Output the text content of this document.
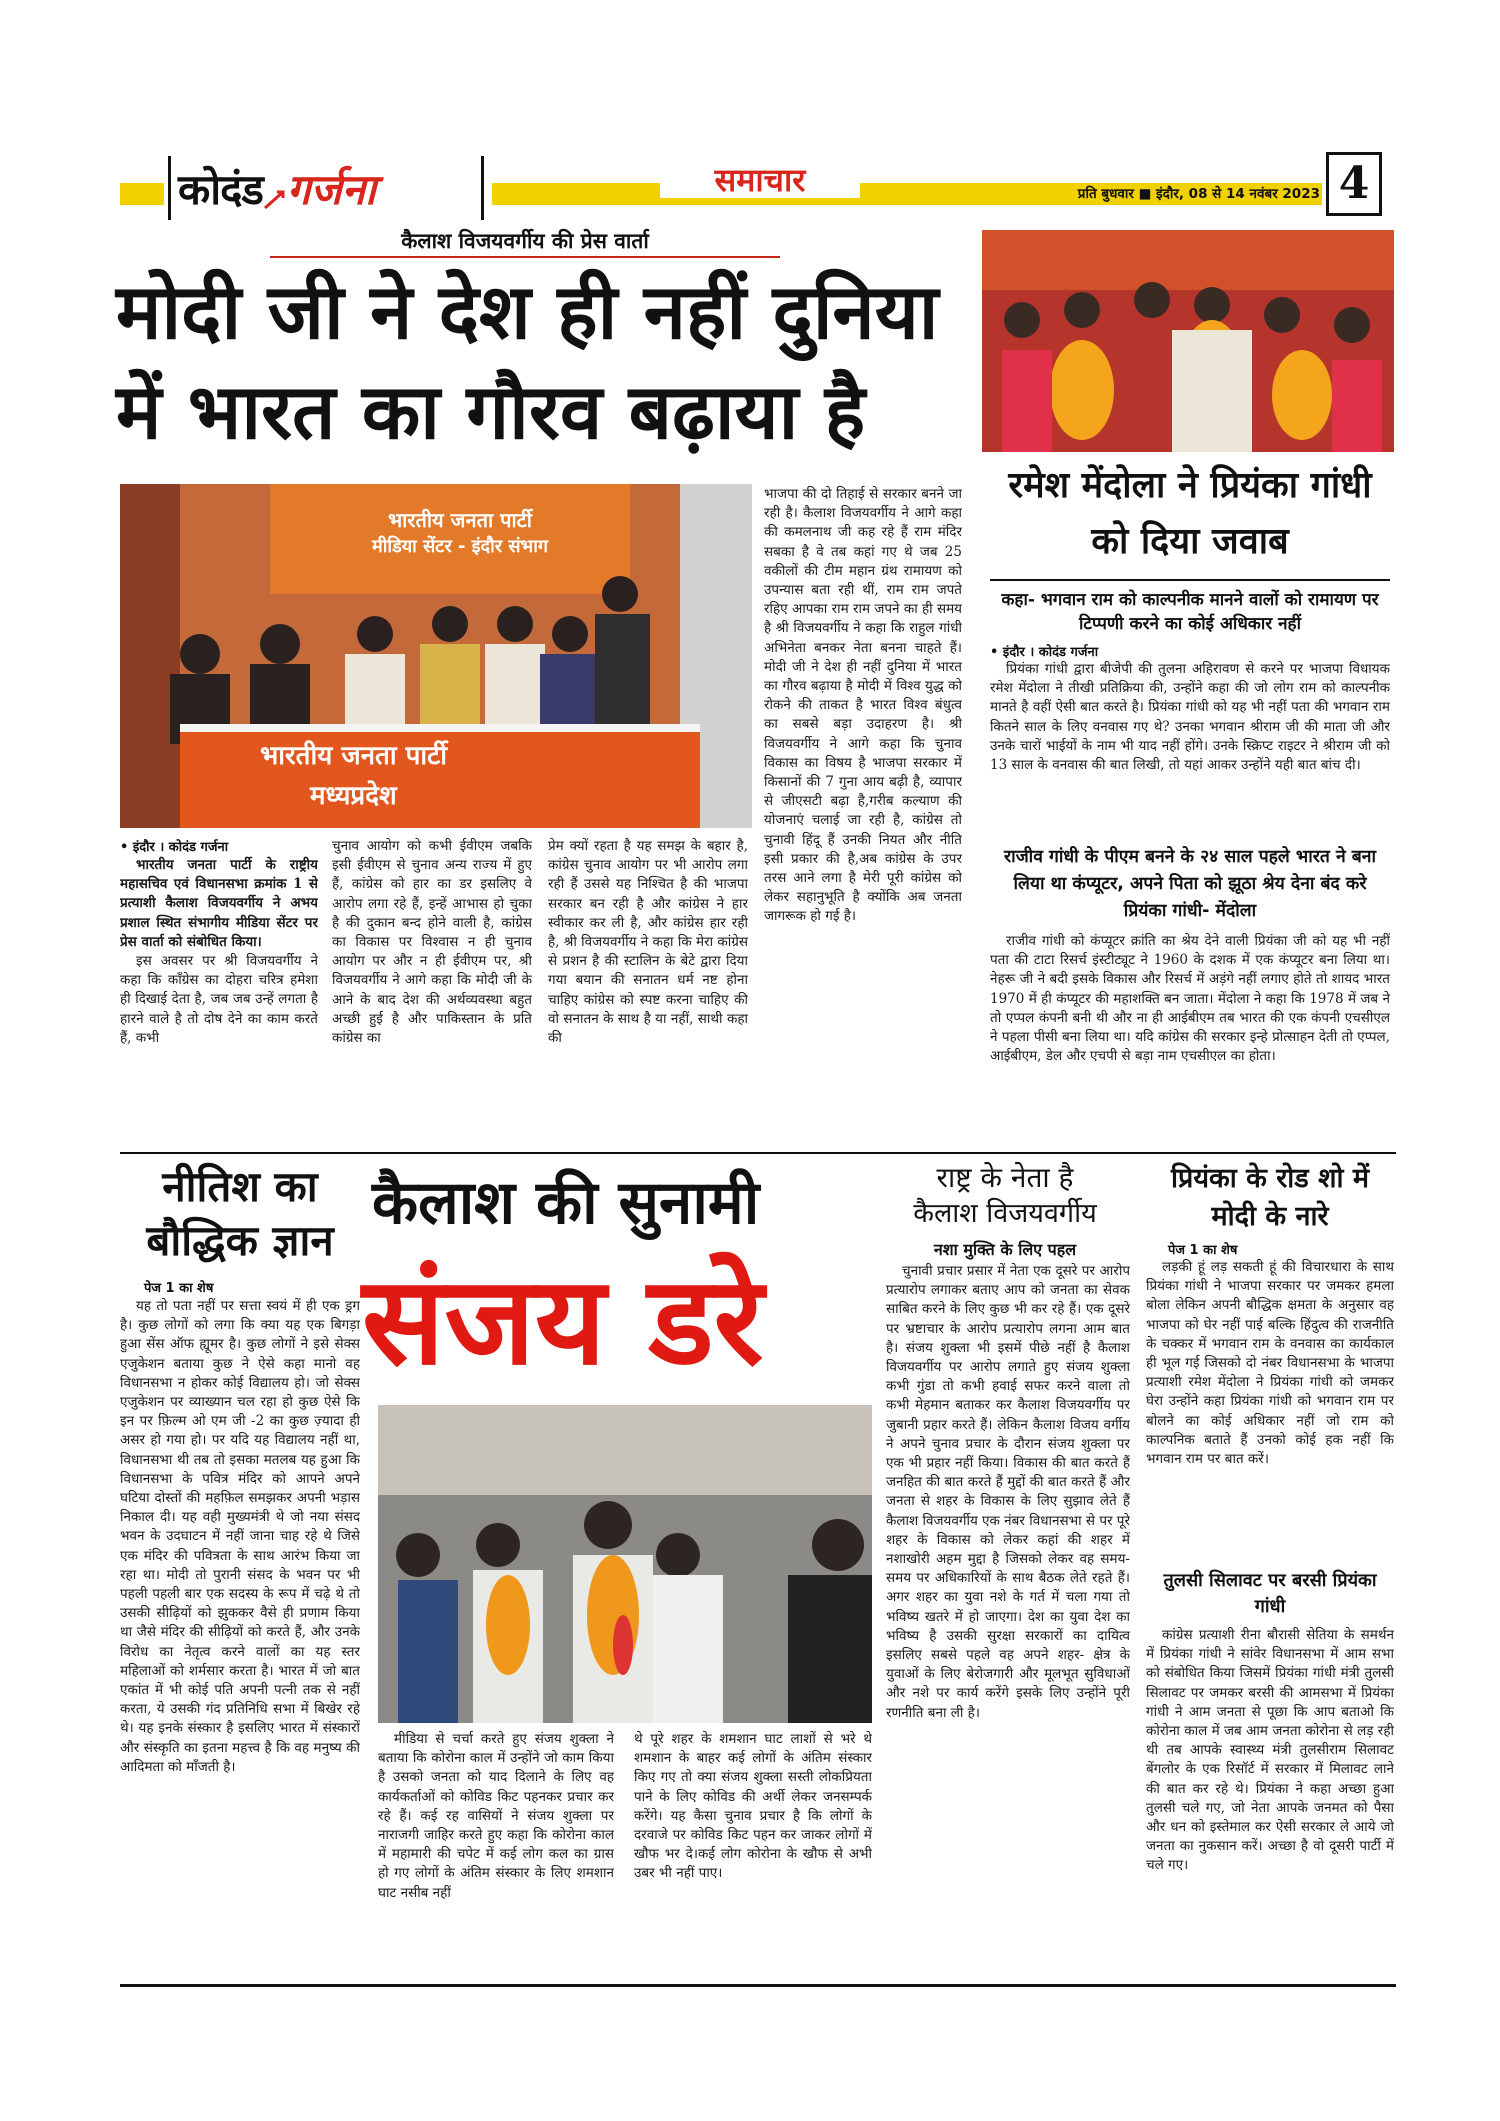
कोदंड गर्जना	समाचार	प्रति बुधवार ■ इंदौर, 08 से 14 नवंबर 2023 4
कैलाश विजयवर्गीय की प्रेस वार्ता
मोदी जी ने देश ही नहीं दुनिया
में भारत का गौरव बढ़ाया है
भारतीय जनता पार्टी
मीडिया सेंटर - इंदौर संभाग
भारतीय जनता पार्टी
मध्यप्रदेश
• इंदौर । कोदंड गर्जना

भारतीय जनता पार्टी के राष्ट्रीय महासचिव एवं विधानसभा क्रमांक 1 से प्रत्याशी कैलाश विजयवर्गीय ने अभय प्रशाल स्थित संभागीय मीडिया सेंटर पर प्रेस वार्ता को संबोधित किया।

इस अवसर पर श्री विजयवर्गीय ने कहा कि कॉंग्रेस का दोहरा चरित्र हमेशा ही दिखाई देता है, जब जब उन्हें लगता है हारने वाले है तो दोष देने का काम करते हैं, कभी

चुनाव आयोग को कभी ईवीएम जबकि इसी ईवीएम से चुनाव अन्य राज्य में हुए हैं, कांग्रेस को हार का डर इसलिए वे आरोप लगा रहे हैं, इन्हें आभास हो चुका है की दुकान बन्द होने वाली है, कांग्रेस का विकास पर विश्वास न ही चुनाव आयोग पर और न ही ईवीएम पर, श्री विजयवर्गीय ने आगे कहा कि मोदी जी के आने के बाद देश की अर्थव्यवस्था बहुत अच्छी हुई है और पाकिस्तान के प्रति कांग्रेस का

प्रेम क्यों रहता है यह समझ के बहार है, कांग्रेस चुनाव आयोग पर भी आरोप लगा रही हैं उससे यह निश्चित है की भाजपा सरकार बन रही है और कांग्रेस ने हार स्वीकार कर ली है, और कांग्रेस हार रही है, श्री विजयवर्गीय ने कहा कि मेरा कांग्रेस से प्रशन है की स्टालिन के बेटे द्वारा दिया गया बयान की सनातन धर्म नष्ट होना चाहिए कांग्रेस को स्पष्ट करना चाहिए की वो सनातन के साथ है या नहीं, साथी कहा की

भाजपा की दो तिहाई से सरकार बनने जा रही है। कैलाश विजयवर्गीय ने आगे कहा की कमलनाथ जी कह रहे हैं राम मंदिर सबका है वे तब कहां गए थे जब 25 वकीलों की टीम महान ग्रंथ रामायण को उपन्यास बता रही थीं, राम राम जपते रहिए आपका राम राम जपने का ही समय है श्री विजयवर्गीय ने कहा कि राहुल गांधी अभिनेता बनकर नेता बनना चाहते हैं। मोदी जी ने देश ही नहीं दुनिया में भारत का गौरव बढ़ाया है मोदी में विश्व युद्ध को रोकने की ताकत है भारत विश्व बंधुत्व का सबसे बड़ा उदाहरण है। श्री विजयवर्गीय ने आगे कहा कि चुनाव विकास का विषय है भाजपा सरकार में किसानों की 7 गुना आय बढ़ी है, व्यापार से जीएसटी बढ़ा है,गरीब कल्याण की योजनाएं चलाई जा रही है, कांग्रेस तो चुनावी हिंदू हैं उनकी नियत और नीति इसी प्रकार की है,अब कांग्रेस के उपर तरस आने लगा है मेरी पूरी कांग्रेस को लेकर सहानुभूति है क्योंकि अब जनता जागरूक हो गई है।

रमेश मेंदोला ने प्रियंका गांधी को दिया जवाब
कहा- भगवान राम को काल्पनीक मानने वालों को रामायण पर टिप्पणी करने का कोई अधिकार नहीं
• इंदौर । कोदंड गर्जना

प्रियंका गांधी द्वारा बीजेपी की तुलना अहिरावण से करने पर भाजपा विधायक रमेश मेंदोला ने तीखी प्रतिक्रिया की, उन्होंने कहा की जो लोग राम को काल्पनीक मानते है वहीं ऐसी बात करते है। प्रियंका गांधी को यह भी नहीं पता की भगवान राम कितने साल के लिए वनवास गए थे? उनका भगवान श्रीराम जी की माता जी और उनके चारों भाईयों के नाम भी याद नहीं होंगे। उनके स्क्रिप्ट राइटर ने श्रीराम जी को 13 साल के वनवास की बात लिखी, तो यहां आकर उन्होंने यही बात बांच दी।

राजीव गांधी के पीएम बनने के २४ साल पहले भारत ने बना लिया था कंप्यूटर, अपने पिता को झूठा श्रेय देना बंद करे प्रियंका गांधी- मेंदोला

राजीव गांधी को कंप्यूटर क्रांति का श्रेय देने वाली प्रियंका जी को यह भी नहीं पता की टाटा रिसर्च इंस्टीट्यूट ने 1960 के दशक में एक कंप्यूटर बना लिया था। नेहरू जी ने बदी इसके विकास और रिसर्च में अड़ंगे नहीं लगाए होते तो शायद भारत 1970 में ही कंप्यूटर की महाशक्ति बन जाता। मेंदोला ने कहा कि 1978 में जब ने तो एप्पल कंपनी बनी थी और ना ही आईबीएम तब भारत की एक कंपनी एचसीएल ने पहला पीसी बना लिया था। यदि कांग्रेस की सरकार इन्हे प्रोत्साहन देती तो एप्पल, आईबीएम, डेल और एचपी से बड़ा नाम एचसीएल का होता।

नीतिश का बौद्धिक ज्ञान
पेज 1 का शेष

यह तो पता नहीं पर सत्ता स्वयं में ही एक ड्रग है। कुछ लोगों को लगा कि क्या यह एक बिगड़ा हुआ सेंस ऑफ ह्यूमर है। कुछ लोगों ने इसे सेक्स एजुकेशन बताया कुछ ने ऐसे कहा मानो वह विधानसभा न होकर कोई विद्यालय हो। जो सेक्स एजुकेशन पर व्याख्यान चल रहा हो कुछ ऐसे कि इन पर फ़िल्म ओ एम जी -2 का कुछ ज़्यादा ही असर हो गया हो। पर यदि यह विद्यालय नहीं था, विधानसभा थी तब तो इसका मतलब यह हुआ कि विधानसभा के पवित्र मंदिर को आपने अपने घटिया दोस्तों की महफ़िल समझकर अपनी भड़ास निकाल दी। यह वही मुख्यमंत्री थे जो नया संसद भवन के उदघाटन में नहीं जाना चाह रहे थे जिसे एक मंदिर की पवित्रता के साथ आरंभ किया जा रहा था। मोदी तो पुरानी संसद के भवन पर भी पहली पहली बार एक सदस्य के रूप में चढ़े थे तो उसकी सीढ़ियों को झुककर वैसे ही प्रणाम किया था जैसे मंदिर की सीढ़ियों को करते हैं, और उनके विरोध का नेतृत्व करने वालों का यह स्तर महिलाओं को शर्मसार करता है। भारत में जो बात एकांत में भी कोई पति अपनी पत्नी तक से नहीं करता, ये उसकी गंद प्रतिनिधि सभा में बिखेर रहे थे। यह इनके संस्कार है इसलिए भारत में संस्कारों और संस्कृति का इतना महत्त्व है कि वह मनुष्य की आदिमता को माँजती है।

कैलाश की सुनामी
संजय डरे

मीडिया से चर्चा करते हुए संजय शुक्ला ने बताया कि कोरोना काल में उन्होंने जो काम किया है उसको जनता को याद दिलाने के लिए वह कार्यकर्ताओं को कोविड किट पहनकर प्रचार कर रहे हैं। कई रह वासियों ने संजय शुक्ला पर नाराजगी जाहिर करते हुए कहा कि कोरोना काल में महामारी की चपेट में कई लोग कल का ग्रास हो गए लोगों के अंतिम संस्कार के लिए शमशान घाट नसीब नहीं

थे पूरे शहर के शमशान घाट लाशों से भरे थे शमशान के बाहर कई लोगों के अंतिम संस्कार किए गए तो क्या संजय शुक्ला सस्ती लोकप्रियता पाने के लिए कोविड की अर्थी लेकर जनसम्पर्क करेंगे। यह कैसा चुनाव प्रचार है कि लोगों के दरवाजे पर कोविड किट पहन कर जाकर लोगों में खौफ भर दे।कई लोग कोरोना के खौफ से अभी उबर भी नहीं पाए।

राष्ट्र के नेता है
कैलाश विजयवर्गीय
नशा मुक्ति के लिए पहल

चुनावी प्रचार प्रसार में नेता एक दूसरे पर आरोप प्रत्यारोप लगाकर बताए आप को जनता का सेवक साबित करने के लिए कुछ भी कर रहे हैं। एक दूसरे पर भ्रष्टाचार के आरोप प्रत्यारोप लगना आम बात है। संजय शुक्ला भी इसमें पीछे नहीं है कैलाश विजयवर्गीय पर आरोप लगाते हुए संजय शुक्ला कभी गुंडा तो कभी हवाई सफर करने वाला तो कभी मेहमान बताकर कर कैलाश विजयवर्गीय पर जुबानी प्रहार करते हैं। लेकिन कैलाश विजय वर्गीय ने अपने चुनाव प्रचार के दौरान संजय शुक्ला पर एक भी प्रहार नहीं किया। विकास की बात करते हैं जनहित की बात करते हैं मुद्दों की बात करते हैं और जनता से शहर के विकास के लिए सुझाव लेते हैं कैलाश विजयवर्गीय एक नंबर विधानसभा से पर पूरे शहर के विकास को लेकर कहां की शहर में नशाखोरी अहम मुद्दा है जिसको लेकर वह समय-समय पर अधिकारियों के साथ बैठक लेते रहते हैं। अगर शहर का युवा नशे के गर्त में चला गया तो भविष्य खतरे में हो जाएगा। देश का युवा देश का भविष्य है उसकी सुरक्षा सरकारों का दायित्व इसलिए सबसे पहले वह अपने शहर- क्षेत्र के युवाओं के लिए बेरोजगारी और मूलभूत सुविधाओं और नशे पर कार्य करेंगे इसके लिए उन्होंने पूरी रणनीति बना ली है।

प्रियंका के रोड शो में मोदी के नारे
पेज 1 का शेष

लड़की हूं लड़ सकती हूं की विचारधारा के साथ प्रियंका गांधी ने भाजपा सरकार पर जमकर हमला बोला लेकिन अपनी बौद्धिक क्षमता के अनुसार वह भाजपा को घेर नहीं पाई बल्कि हिंदुत्व की राजनीति के चक्कर में भगवान राम के वनवास का कार्यकाल ही भूल गई जिसको दो नंबर विधानसभा के भाजपा प्रत्याशी रमेश मेंदोला ने प्रियंका गांधी को जमकर घेरा उन्होंने कहा प्रियंका गांधी को भगवान राम पर बोलने का कोई अधिकार नहीं जो राम को काल्पनिक बताते हैं उनको कोई हक नहीं कि भगवान राम पर बात करें।

तुलसी सिलावट पर बरसी प्रियंका गांधी

कांग्रेस प्रत्याशी रीना बौरासी सेतिया के समर्थन में प्रियंका गांधी ने सांवेर विधानसभा में आम सभा को संबोधित किया जिसमें प्रियंका गांधी मंत्री तुलसी सिलावट पर जमकर बरसी की आमसभा में प्रियंका गांधी ने आम जनता से पूछा कि आप बताओ कि कोरोना काल में जब आम जनता कोरोना से लड़ रही थी तब आपके स्वास्थ्य मंत्री तुलसीराम सिलावट बेंगलोर के एक रिसॉर्ट में सरकार में मिलावट लाने की बात कर रहे थे। प्रियंका ने कहा अच्छा हुआ तुलसी चले गए, जो नेता आपके जनमत को पैसा और धन को इस्तेमाल कर ऐसी सरकार ले आये जो जनता का नुकसान करें। अच्छा है वो दूसरी पार्टी में चले गए।
